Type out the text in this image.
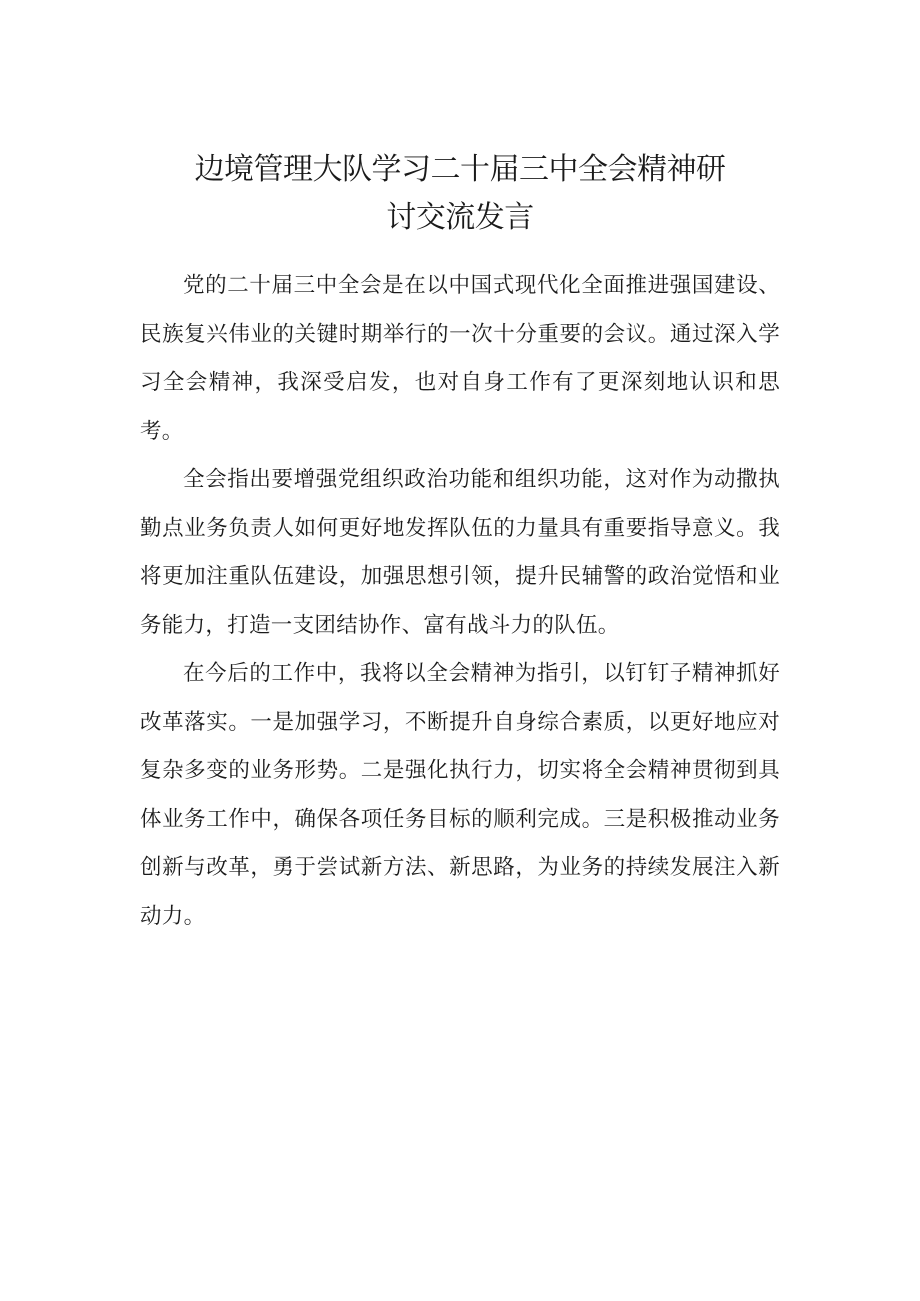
边境管理大队学习二十届三中全会精神研
讨交流发言

党的二十届三中全会是在以中国式现代化全面推进强国建设、民族复兴伟业的关键时期举行的一次十分重要的会议。通过深入学习全会精神，我深受启发，也对自身工作有了更深刻地认识和思考。

全会指出要增强党组织政治功能和组织功能，这对作为动撒执勤点业务负责人如何更好地发挥队伍的力量具有重要指导意义。我将更加注重队伍建设，加强思想引领，提升民辅警的政治觉悟和业务能力，打造一支团结协作、富有战斗力的队伍。

在今后的工作中，我将以全会精神为指引，以钉钉子精神抓好改革落实。一是加强学习，不断提升自身综合素质，以更好地应对复杂多变的业务形势。二是强化执行力，切实将全会精神贯彻到具体业务工作中，确保各项任务目标的顺利完成。三是积极推动业务创新与改革，勇于尝试新方法、新思路，为业务的持续发展注入新动力。
